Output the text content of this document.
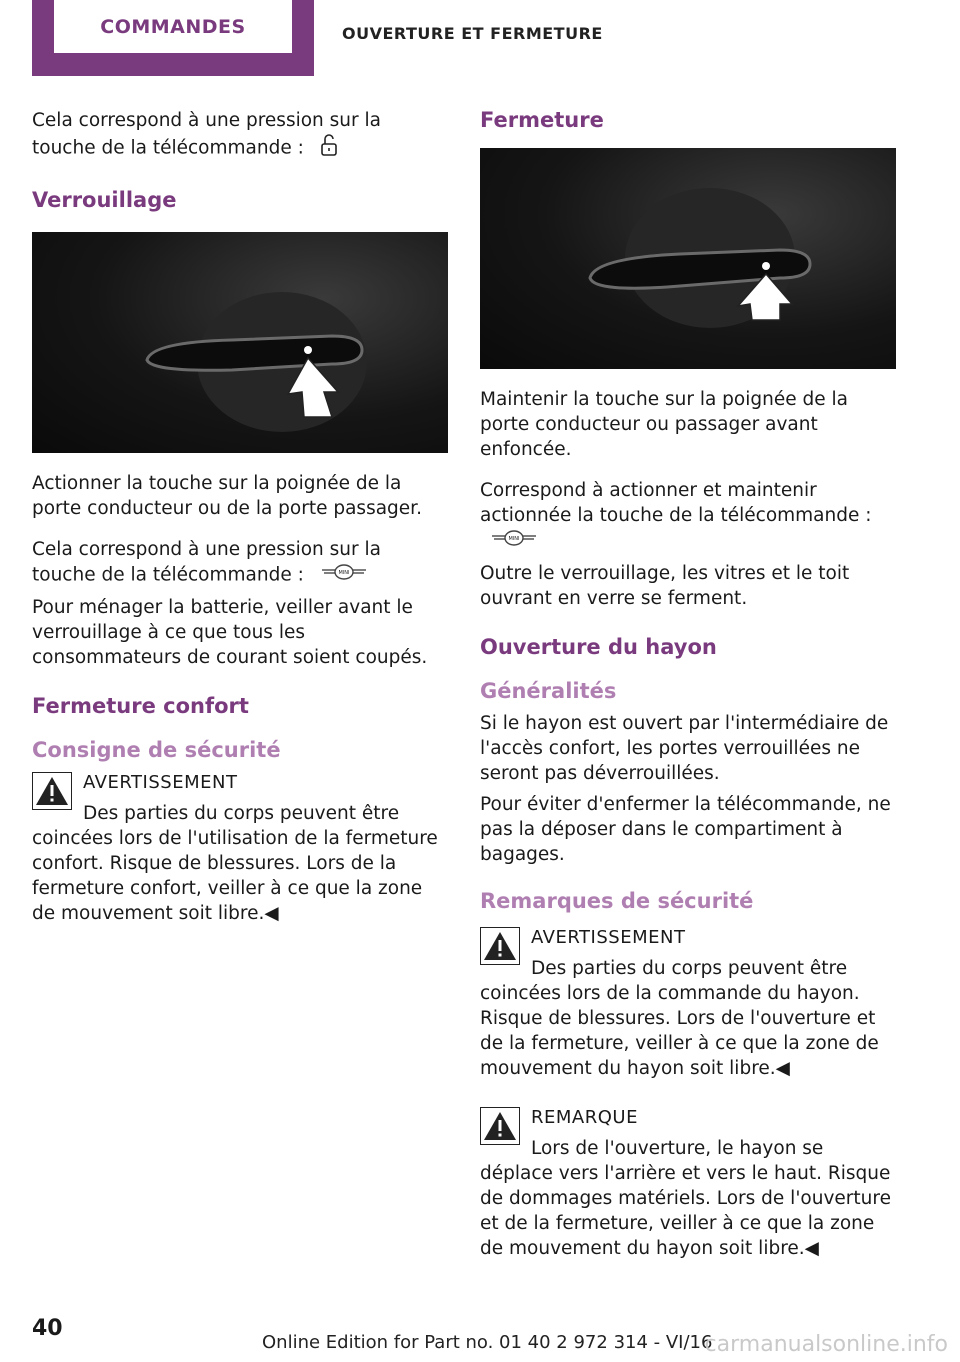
COMMANDES	OUVERTURE ET FERMETURE

Cela correspond à une pression sur la touche de la télécommande :

Verrouillage

Actionner la touche sur la poignée de la porte conducteur ou de la porte passager.

Cela correspond à une pression sur la touche de la télécommande :	MINI

Pour ménager la batterie, veiller avant le verrouillage à ce que tous les consommateurs de courant soient coupés.

Fermeture confort
Consigne de sécurité
AVERTISSEMENT

Des parties du corps peuvent être coincées lors de l'utilisation de la fermeture confort. Risque de blessures. Lors de la fermeture confort, veiller à ce que la zone de mouvement soit libre.◀

Fermeture

Maintenir la touche sur la poignée de la porte conducteur ou passager avant enfoncée.

Correspond à actionner et maintenir actionnée la touche de la télécommande :
MINI

Outre le verrouillage, les vitres et le toit ouvrant en verre se ferment.

Ouverture du hayon
Généralités

Si le hayon est ouvert par l'intermédiaire de l'accès confort, les portes verrouillées ne seront pas déverrouillées.

Pour éviter d'enfermer la télécommande, ne pas la déposer dans le compartiment à bagages.

Remarques de sécurité
AVERTISSEMENT

Des parties du corps peuvent être coincées lors de la commande du hayon. Risque de blessures. Lors de l'ouverture et de la fermeture, veiller à ce que la zone de mouvement du hayon soit libre.◀

REMARQUE

Lors de l'ouverture, le hayon se déplace vers l'arrière et vers le haut. Risque de dommages matériels. Lors de l'ouverture et de la fermeture, veiller à ce que la zone de mouvement du hayon soit libre.◀

40
Online Edition for Part no. 01 40 2 972 314 - VI/16
carmanualsonline.info
